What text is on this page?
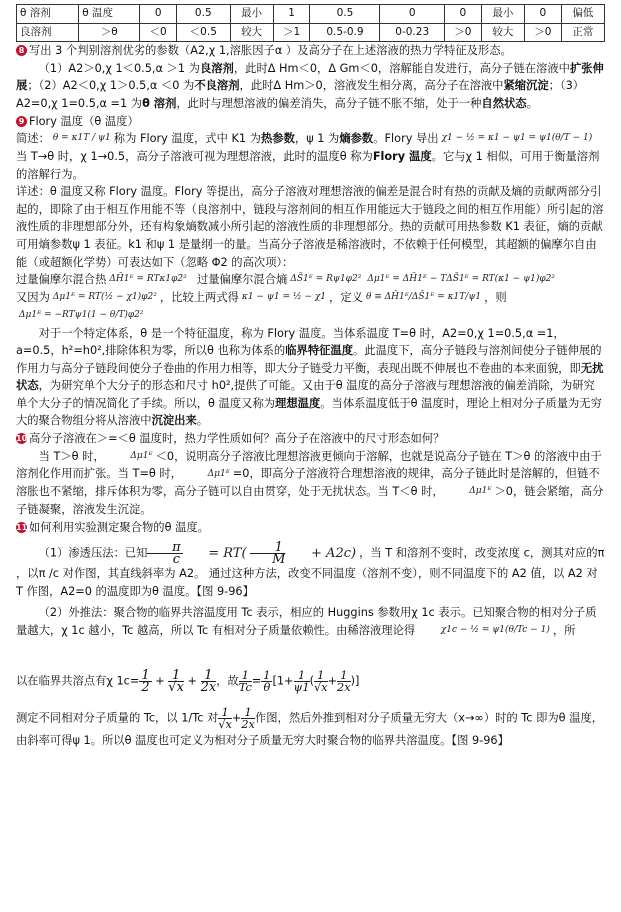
θ 溶剂	θ 温度	0	0.5	最小	1	0.5	0	0	最小	0	偏低
良溶剂	＞θ	＜0	＜0.5	较大	＞1	0.5-0.9	0-0.23	＞0	较大	＞0	正常

8 写出 3 个判别溶剂优劣的参数（A2,χ 1,溶胀因子α ）及高分子在上述溶液的热力学特征及形态。

（1）A2＞0,χ 1＜0.5,α ＞1 为良溶剂，此时Δ Hm＜0，Δ Gm＜0，溶解能自发进行，高分子链在溶液中扩张伸展；（2）A2＜0,χ 1＞0.5,α ＜0 为不良溶剂，此时Δ Hm＞0，溶液发生相分离，高分子在溶液中紧缩沉淀；（3）A2=0,χ 1=0.5,α =1 为θ 溶剂，此时与理想溶液的偏差消失，高分子链不胀不缩，处于一种自然状态。

9 Flory 温度（θ 温度）

简述： θ = κ1T / ψ1 称为 Flory 温度，式中 K1 为热参数，ψ 1 为熵参数。Flory 导出 χ1 − ½ = κ1 − ψ1 = ψ1(θ/T − 1)
当 T→θ 时，χ 1→0.5，高分子溶液可视为理想溶液，此时的温度θ 称为Flory 温度。它与χ 1 相似，可用于衡量溶剂的溶解行为。

详述：θ 温度又称 Flory 温度。Flory 等提出，高分子溶液对理想溶液的偏差是混合时有热的贡献及熵的贡献两部分引起的，即除了由于相互作用能不等（良溶剂中，链段与溶剂间的相互作用能远大于链段之间的相互作用能）所引起的溶液性质的非理想部分外，还有构象熵数减小所引起的溶液性质的非理想部分。热的贡献可用热参数 K1 表征，熵的贡献可用熵参数ψ 1 表征。k1 和ψ 1 是量纲一的量。当高分子溶液是稀溶液时，不依赖于任何模型，其超额的偏摩尔自由能（或超额化学势）可表达如下（忽略 Φ2 的高次项）：
过量偏摩尔混合热 ΔH̄1ᴱ = RTκ1φ2² 过量偏摩尔混合熵 ΔS̄1ᴱ = Rψ1φ2² Δμ1ᴱ = ΔH̄1ᴱ − TΔS̄1ᴱ = RT(κ1 − ψ1)φ2²
又因为 Δμ1ᴱ = RT(½ − χ1)φ2² ，比较上两式得 κ1 − ψ1 = ½ − χ1 ，定义 θ ≡ ΔH̄1ᴱ/ΔS̄1ᴱ = κ1T/ψ1 ，则Δμ1ᴱ = −RTψ1(1 − θ/T)φ2²

对于一个特定体系，θ 是一个特征温度，称为 Flory 温度。当体系温度 T=θ 时，A2=0,χ 1=0.5,α =1，a=0.5，h²=h0²,排除体积为零，所以θ 也称为体系的临界特征温度。此温度下，高分子链段与溶剂间使分子链伸展的作用力与高分子链段间使分子卷曲的作用力相等，即大分子链受力平衡，表现出既不伸展也不卷曲的本来面貌，即无扰状态，为研究单个大分子的形态和尺寸 h0²,提供了可能。又由于θ 温度的高分子溶液与理想溶液的偏差消除，为研究单个大分子的情况简化了手续。所以，θ 温度又称为理想温度。当体系温度低于θ 温度时，理论上相对分子质量为无穷大的聚合物组分将从溶液中沉淀出来。

10 高分子溶液在＞=＜θ 温度时，热力学性质如何？高分子在溶液中的尺寸形态如何？

当 T＞θ 时，	Δμ1ᴱ ＜0，说明高分子溶液比理想溶液更倾向于溶解，也就是说高分子链在 T＞θ 的溶液中由于溶剂化作用而扩张。当 T=θ 时，	Δμ1ᴱ =0，即高分子溶液符合理想溶液的规律，高分子链此时是溶解的，但链不溶胀也不紧缩，排斥体积为零，高分子链可以自由贯穿，处于无扰状态。当 T＜θ 时，	Δμ1ᴱ ＞0，链会紧缩，高分子链凝聚，溶液发生沉淀。

11 如何利用实验测定聚合物的θ 温度。

（1）渗透压法：已知 $\frac{\pi}{c} = RT( \frac{1}{M} + A2c)$ ，当 T 和溶剂不变时，改变浓度 c，测其对应的π ，以π /c 对作图，其直线斜率为 A2。 通过这种方法，改变不同温度（溶剂不变），则不同温度下的 A2 值，以 A2 对 T 作图，A2=0 的温度即为θ 温度。【图 9-96】

（2）外推法：聚合物的临界共溶温度用 Tc 表示，相应的 Huggins 参数用χ 1c 表示。已知聚合物的相对分子质量越大，χ 1c 越小，Tc 越高，所以 Tc 有相对分子质量依赖性。由稀溶液理论得	χ1c − ½ = ψ1(θ/Tc − 1) ，所

以在临界共溶点有χ $1c= \frac{1}{2} + \frac{1}{√x} + \frac{1}{2x}$ ，故 $\frac{1}{Tc} = \frac{1}{\theta} [1+ \frac{1}{\psi 1}$ ( $\frac{1}{√x} + \frac{1}{2x}$ )]

测定不同相对分子质量的 Tc，以 1/Tc 对 $\frac{1}{√x} + \frac{1}{2x}$ 作图，然后外推到相对分子质量无穷大（x→∞）时的 Tc 即为θ 温度，由斜率可得ψ 1。所以θ 温度也可定义为相对分子质量无穷大时聚合物的临界共溶温度。【图 9-96】
